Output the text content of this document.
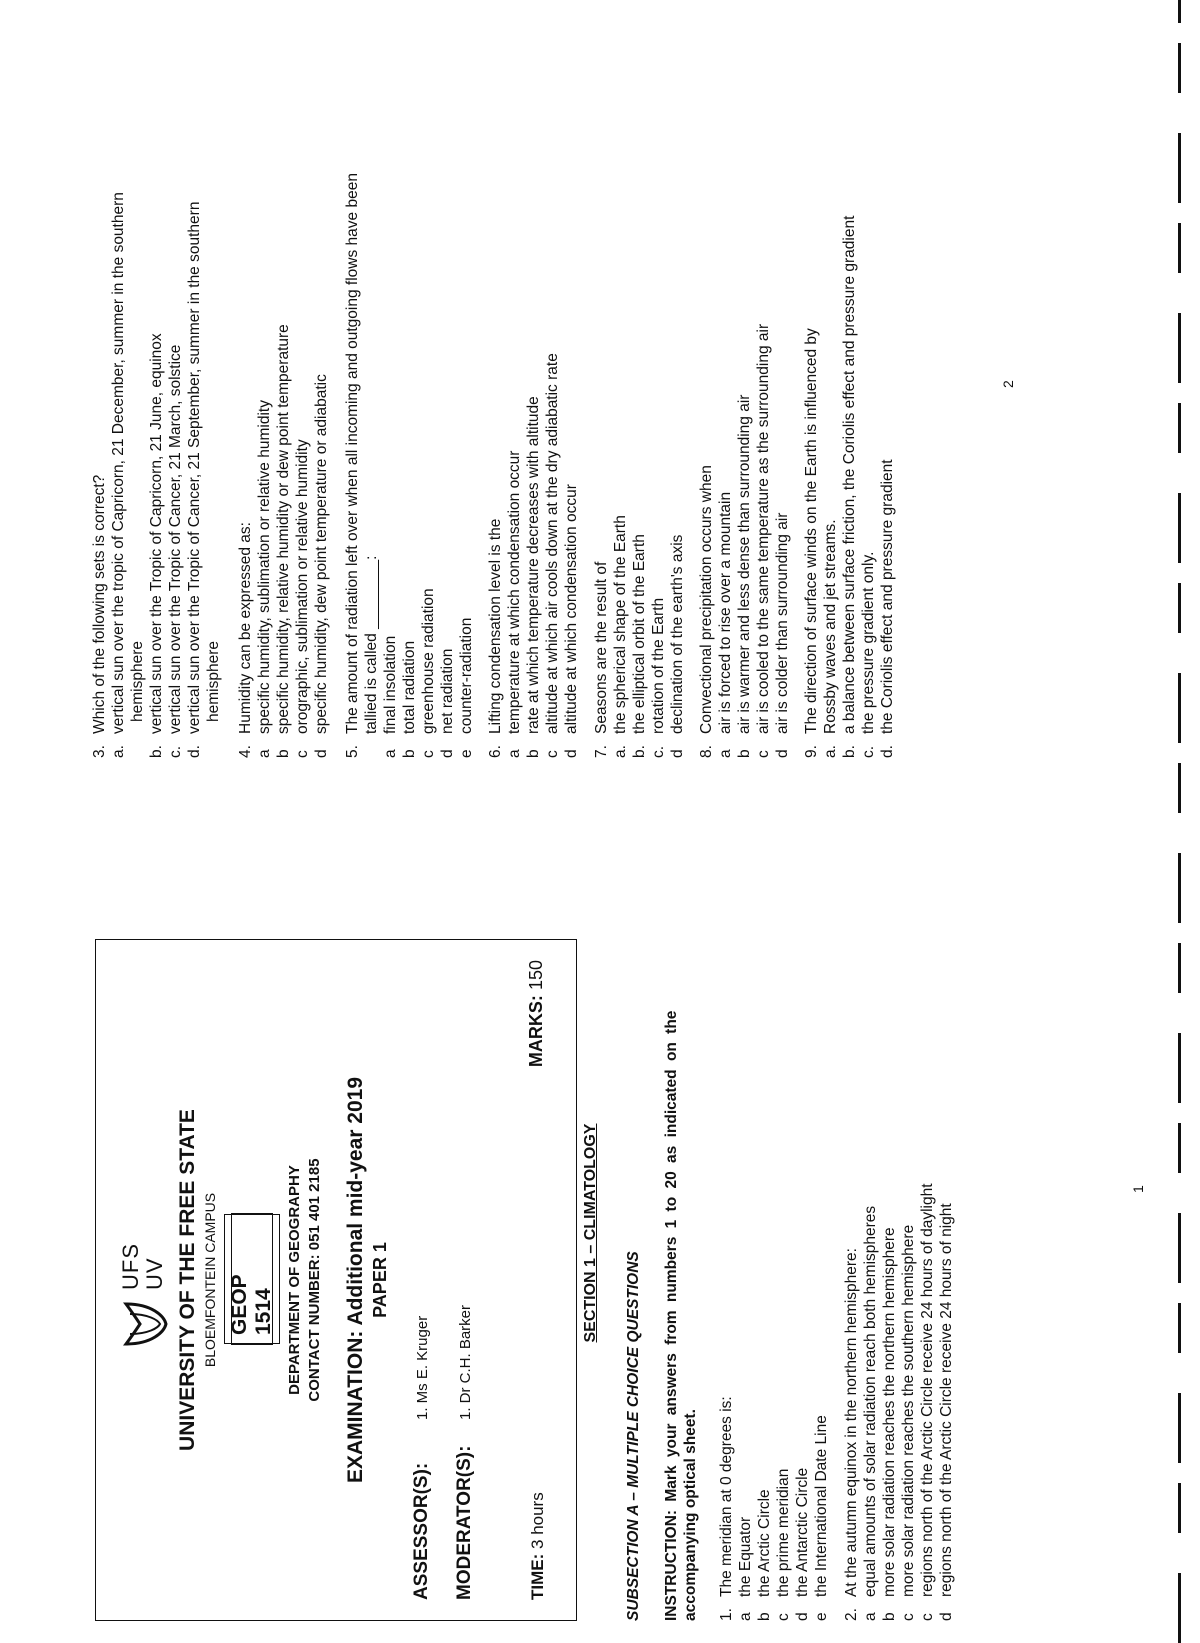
UFS UV UNIVERSITY OF THE FREE STATE BLOEMFONTEIN CAMPUS GEOP 1514 DEPARTMENT OF GEOGRAPHY CONTACT NUMBER: 051 401 2185 EXAMINATION: Additional mid-year 2019 PAPER 1
ASSESSOR(S):
1. Ms E. Kruger
MODERATOR(S):
1. Dr C.H. Barker
TIME: 3 hours
MARKS: 150
SECTION 1 – CLIMATOLOGY
SUBSECTION A – MULTIPLE CHOICE QUESTIONS INSTRUCTION: Mark your answers from numbers 1 to 20 as indicated on the
accompanying optical sheet. 1.
The meridian at 0 degrees is:
a
the Equator
b
the Arctic Circle
c
the prime meridian
d
the Antarctic Circle
e
the International Date Line
2.
At the autumn equinox in the northern hemisphere:
a
equal amounts of solar radiation reach both hemispheres
b
more solar radiation reaches the northern hemisphere
c
more solar radiation reaches the southern hemisphere
c
regions north of the Arctic Circle receive 24 hours of daylight
d
regions north of the Arctic Circle receive 24 hours of night
1
3.
Which of the following sets is correct?
a.
vertical sun over the tropic of Capricorn, 21 December, summer in the southern hemisphere
b.
vertical sun over the Tropic of Capricorn, 21 June, equinox
c.
vertical sun over the Tropic of Cancer, 21 March, solstice
d.
vertical sun over the Tropic of Cancer, 21 September, summer in the southern hemisphere
4.
Humidity can be expressed as:
a
specific humidity, sublimation or relative humidity
b
specific humidity, relative humidity or dew point temperature
c
orographic, sublimation or relative humidity
d
specific humidity, dew point temperature or adiabatic
5.
The amount of radiation left over when all incoming and outgoing flows have been tallied is called ________:
a
final insolation
b
total radiation
c
greenhouse radiation
d
net radiation
e
counter-radiation
6.
Lifting condensation level is the
a
temperature at which condensation occur
b
rate at which temperature decreases with altitude
c
altitude at which air cools down at the dry adiabatic rate
d
altitude at which condensation occur
7.
Seasons are the result of
a.
the spherical shape of the Earth
b.
the elliptical orbit of the Earth
c.
rotation of the Earth
d
declination of the earth's axis
8.
Convectional precipitation occurs when
a
air is forced to rise over a mountain
b
air is warmer and less dense than surrounding air
c
air is cooled to the same temperature as the surrounding air
d
air is colder than surrounding air
9.
The direction of surface winds on the Earth is influenced by
a.
Rossby waves and jet streams.
b.
a balance between surface friction, the Coriolis effect and pressure gradient
c.
the pressure gradient only.
d.
the Coriolis effect and pressure gradient
2
